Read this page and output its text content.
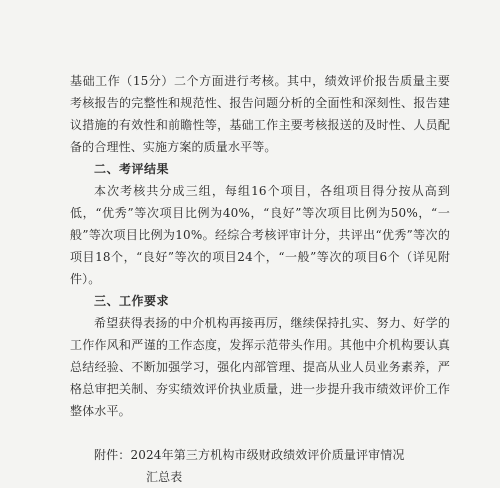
基础工作（15分）二个方面进行考核。其中，绩效评价报告质量主要考核报告的完整性和规范性、报告问题分析的全面性和深刻性、报告建议措施的有效性和前瞻性等，基础工作主要考核报送的及时性、人员配备的合理性、实施方案的质量水平等。

二、考评结果

本次考核共分成三组，每组16个项目，各组项目得分按从高到低，“优秀”等次项目比例为40%，“良好”等次项目比例为50%，“一般”等次项目比例为10%。经综合考核评审计分，共评出“优秀”等次的项目18个，“良好”等次的项目24个，“一般”等次的项目6个（详见附件）。

三、工作要求

希望获得表扬的中介机构再接再厉，继续保持扎实、努力、好学的工作作风和严谨的工作态度，发挥示范带头作用。其他中介机构要认真总结经验、不断加强学习，强化内部管理、提高从业人员业务素养，严格总审把关制、夯实绩效评价执业质量，进一步提升我市绩效评价工作整体水平。

附件：2024年第三方机构市级财政绩效评价质量评审情况
汇总表
